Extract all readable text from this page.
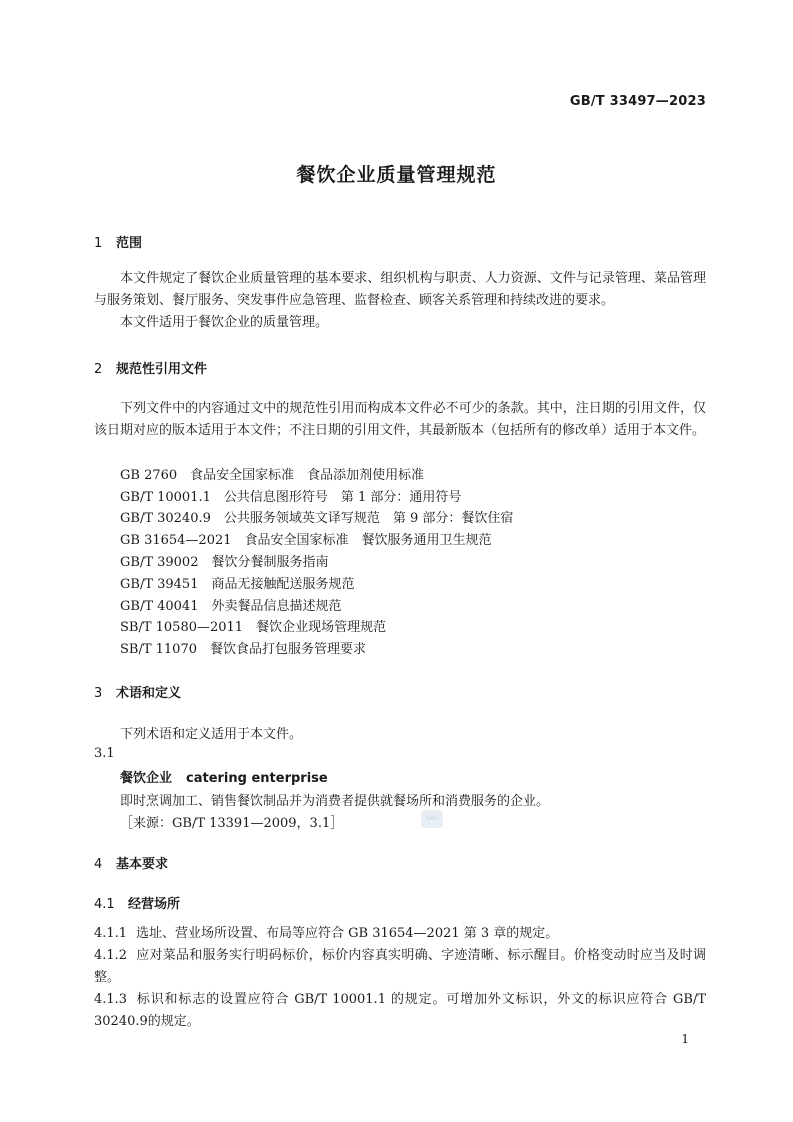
GB/T 33497—2023
餐饮企业质量管理规范
1 范围
本文件规定了餐饮企业质量管理的基本要求、组织机构与职责、人力资源、文件与记录管理、菜品管理与服务策划、餐厅服务、突发事件应急管理、监督检查、顾客关系管理和持续改进的要求。
本文件适用于餐饮企业的质量管理。
2 规范性引用文件
下列文件中的内容通过文中的规范性引用而构成本文件必不可少的条款。其中，注日期的引用文件，仅该日期对应的版本适用于本文件；不注日期的引用文件，其最新版本（包括所有的修改单）适用于本文件。
GB 2760　食品安全国家标准　食品添加剂使用标准
GB/T 10001.1　公共信息图形符号　第 1 部分：通用符号
GB/T 30240.9　公共服务领域英文译写规范　第 9 部分：餐饮住宿
GB 31654—2021　食品安全国家标准　餐饮服务通用卫生规范
GB/T 39002　餐饮分餐制服务指南
GB/T 39451　商品无接触配送服务规范
GB/T 40041　外卖餐品信息描述规范
SB/T 10580—2011　餐饮企业现场管理规范
SB/T 11070　餐饮食品打包服务管理要求
3 术语和定义
下列术语和定义适用于本文件。
3.1
餐饮企业 catering enterprise
即时烹调加工、销售餐饮制品并为消费者提供就餐场所和消费服务的企业。
［来源：GB/T 13391—2009，3.1］	SAC
4 基本要求
4.1 经营场所
4.1.1 选址、营业场所设置、布局等应符合 GB 31654—2021 第 3 章的规定。
4.1.2 应对菜品和服务实行明码标价，标价内容真实明确、字迹清晰、标示醒目。价格变动时应当及时调整。
4.1.3 标识和标志的设置应符合 GB/T 10001.1 的规定。可增加外文标识，外文的标识应符合 GB/T 30240.9的规定。
1
